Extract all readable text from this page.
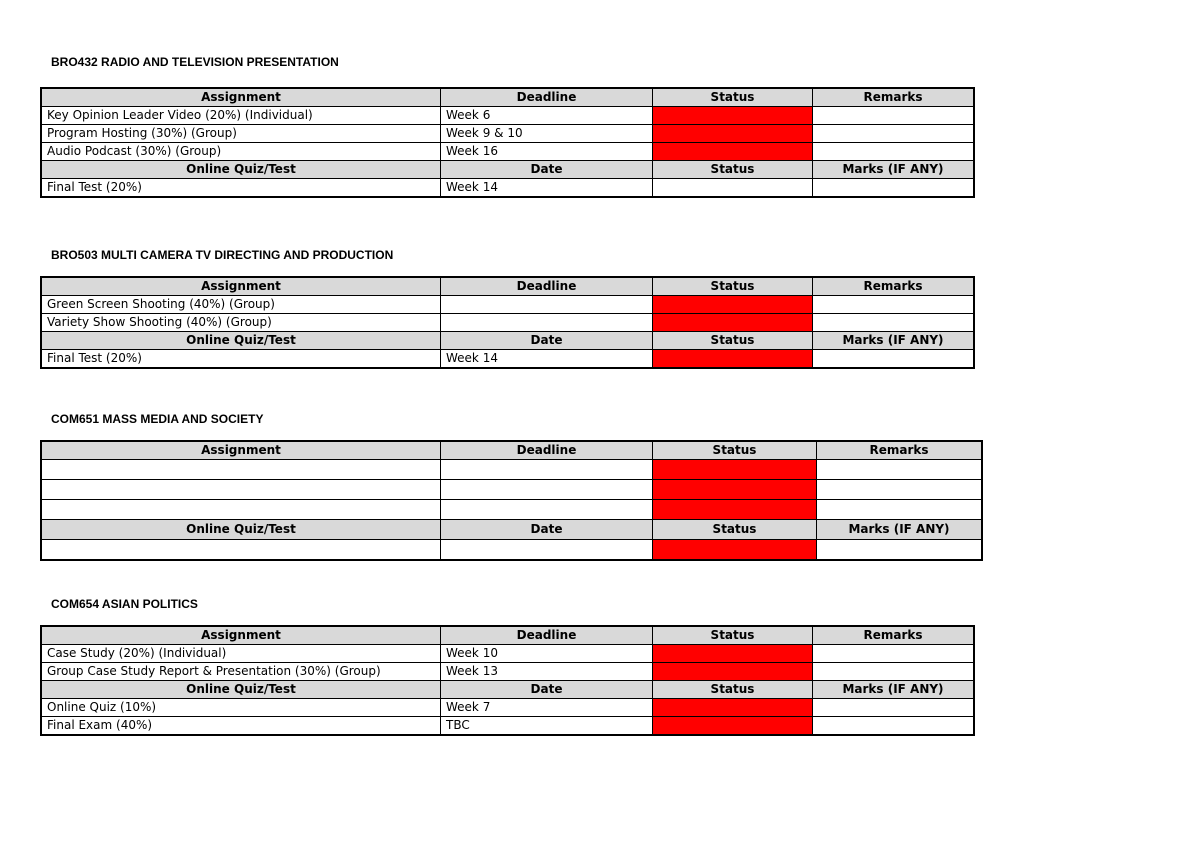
BRO432 RADIO AND TELEVISION PRESENTATION
Assignment	Deadline	Status	Remarks
Key Opinion Leader Video (20%) (Individual)	Week 6		
Program Hosting (30%) (Group)	Week 9 & 10		
Audio Podcast (30%) (Group)	Week 16		
Online Quiz/Test	Date	Status	Marks (IF ANY)
Final Test (20%)	Week 14		
BRO503 MULTI CAMERA TV DIRECTING AND PRODUCTION
Assignment	Deadline	Status	Remarks
Green Screen Shooting (40%) (Group)			
Variety Show Shooting (40%) (Group)			
Online Quiz/Test	Date	Status	Marks (IF ANY)
Final Test (20%)	Week 14		
COM651 MASS MEDIA AND SOCIETY
Assignment	Deadline	Status	Remarks

Online Quiz/Test	Date	Status	Marks (IF ANY)

COM654 ASIAN POLITICS
Assignment	Deadline	Status	Remarks
Case Study (20%) (Individual)	Week 10		
Group Case Study Report & Presentation (30%) (Group)	Week 13		
Online Quiz/Test	Date	Status	Marks (IF ANY)
Online Quiz (10%)	Week 7		
Final Exam (40%)	TBC		
